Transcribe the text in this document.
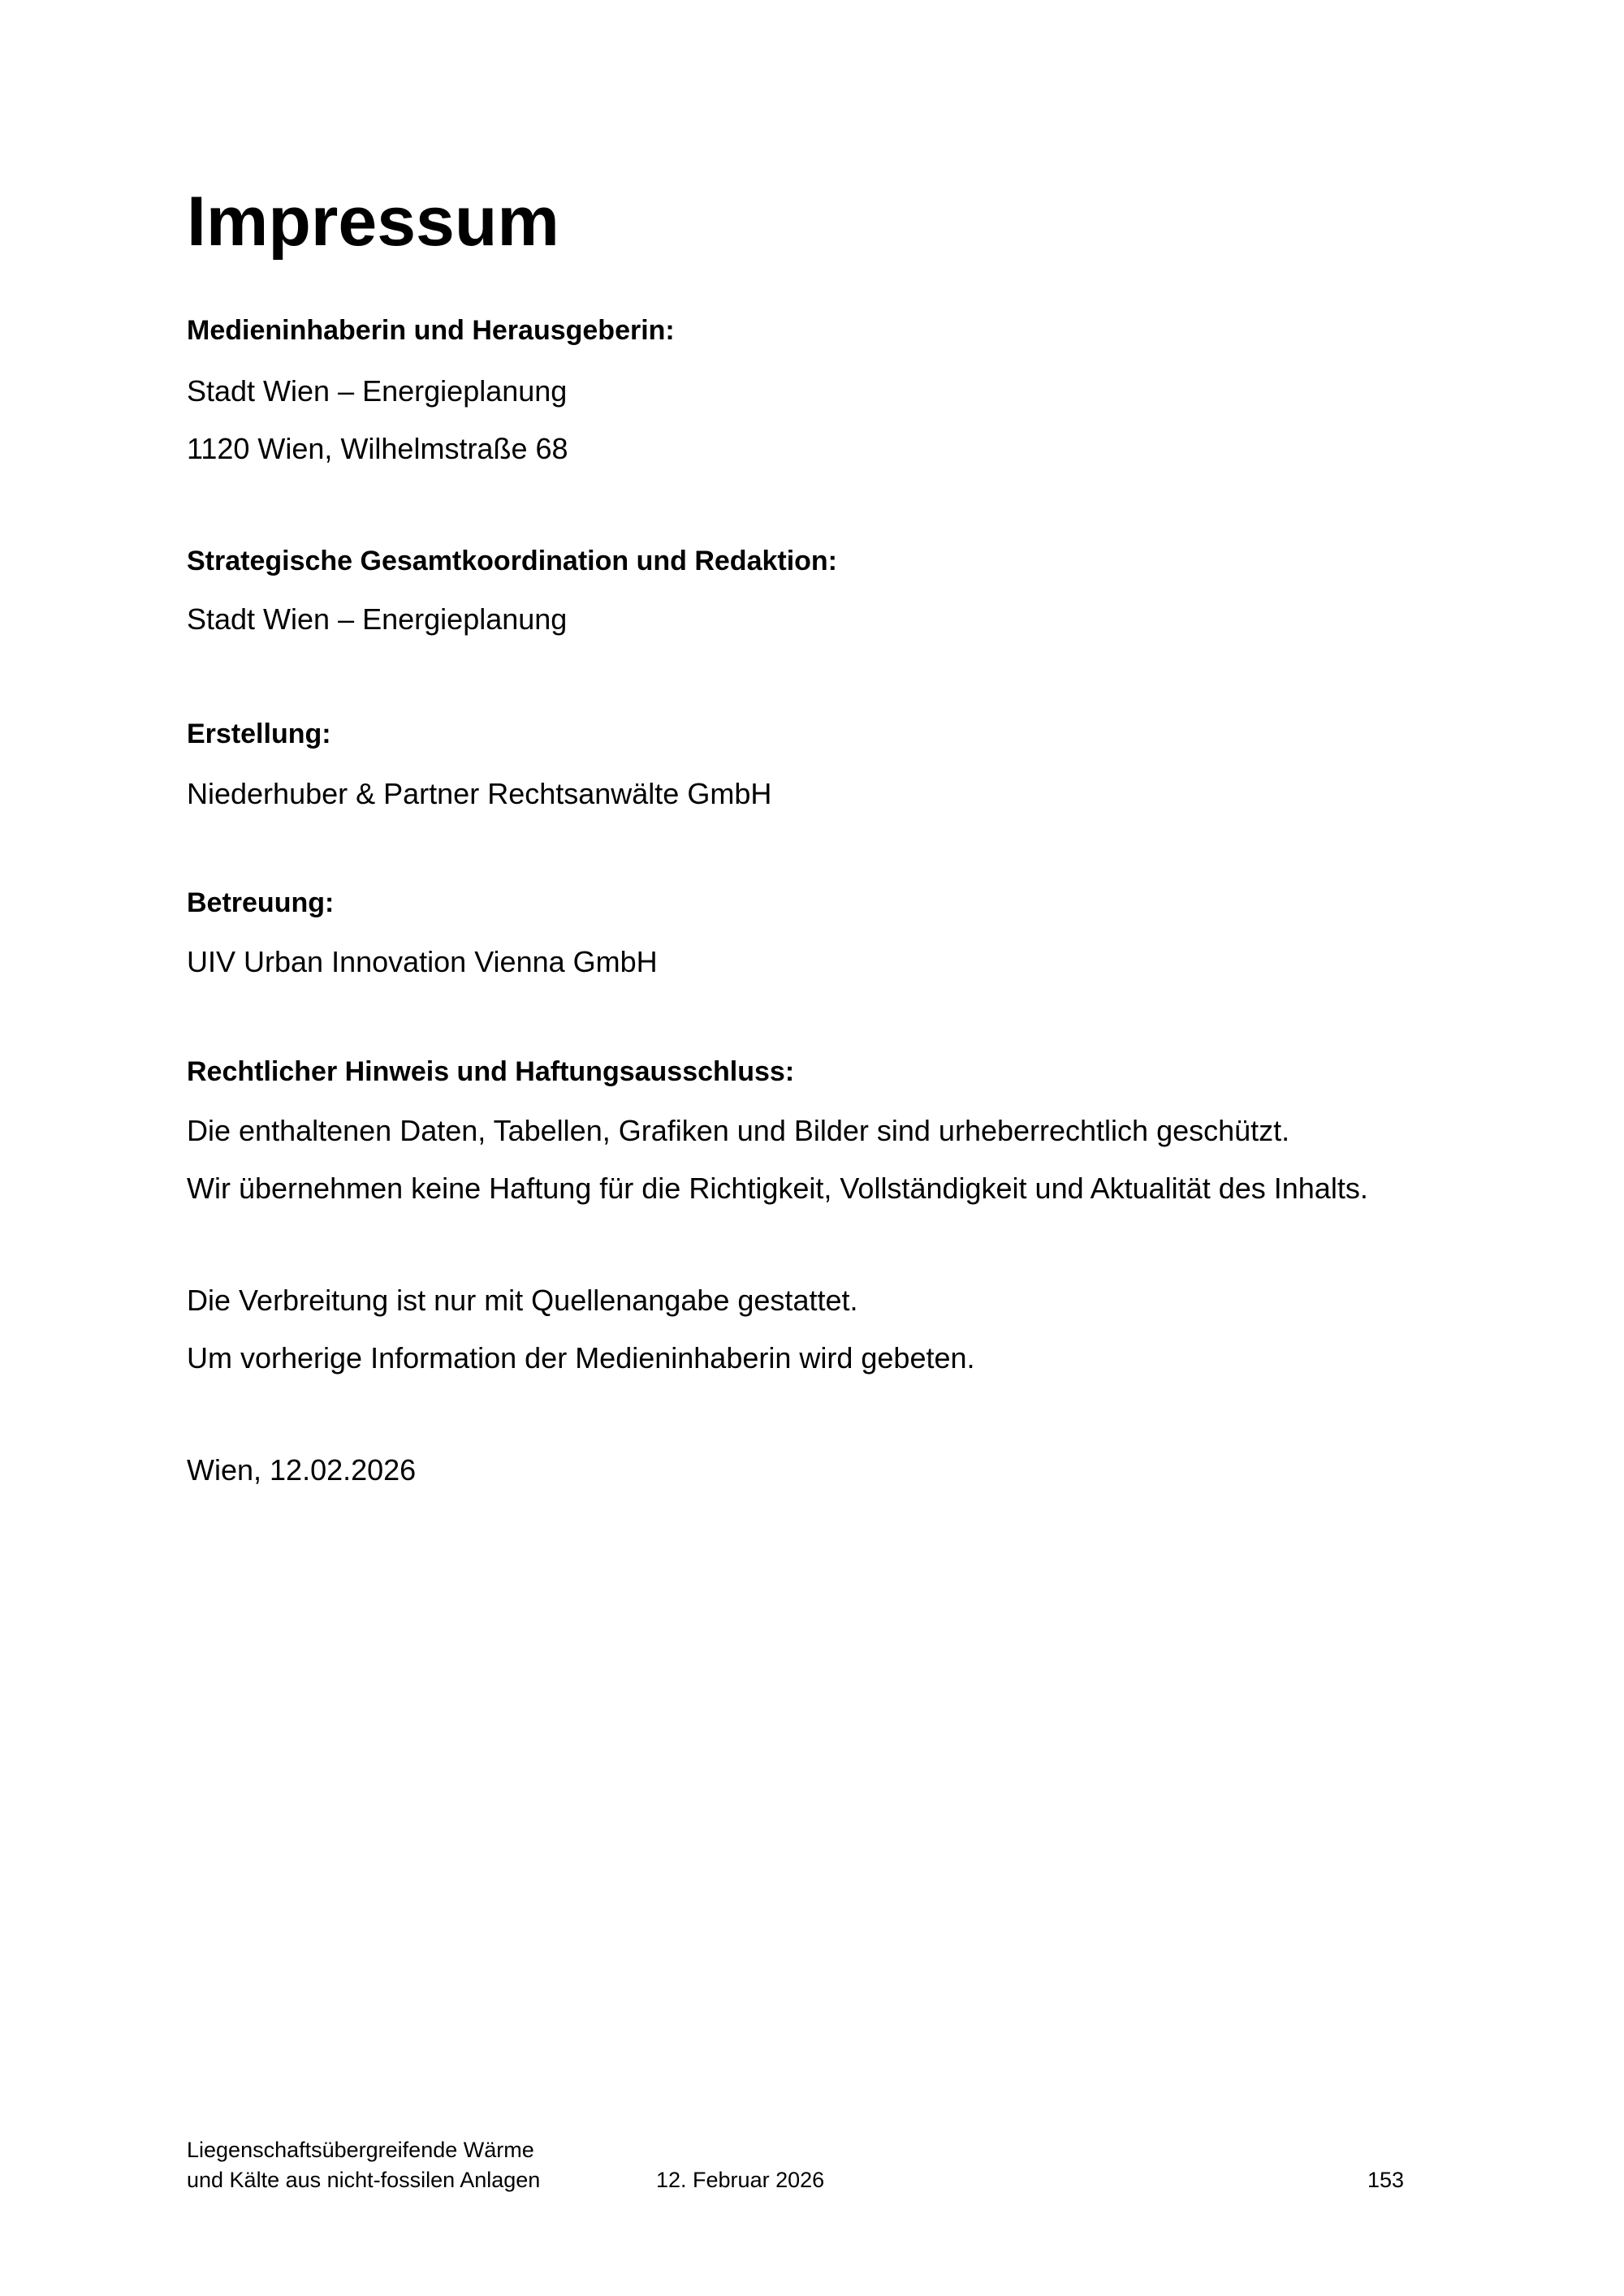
Impressum
Medieninhaberin und Herausgeberin:
Stadt Wien – Energieplanung
1120 Wien, Wilhelmstraße 68
Strategische Gesamtkoordination und Redaktion:
Stadt Wien – Energieplanung
Erstellung:
Niederhuber & Partner Rechtsanwälte GmbH
Betreuung:
UIV Urban Innovation Vienna GmbH
Rechtlicher Hinweis und Haftungsausschluss:
Die enthaltenen Daten, Tabellen, Grafiken und Bilder sind urheberrechtlich geschützt.
Wir übernehmen keine Haftung für die Richtigkeit, Vollständigkeit und Aktualität des Inhalts.
Die Verbreitung ist nur mit Quellenangabe gestattet.
Um vorherige Information der Medieninhaberin wird gebeten.
Wien, 12.02.2026
Liegenschaftsübergreifende Wärme
und Kälte aus nicht-fossilen Anlagen	12. Februar 2026	153
